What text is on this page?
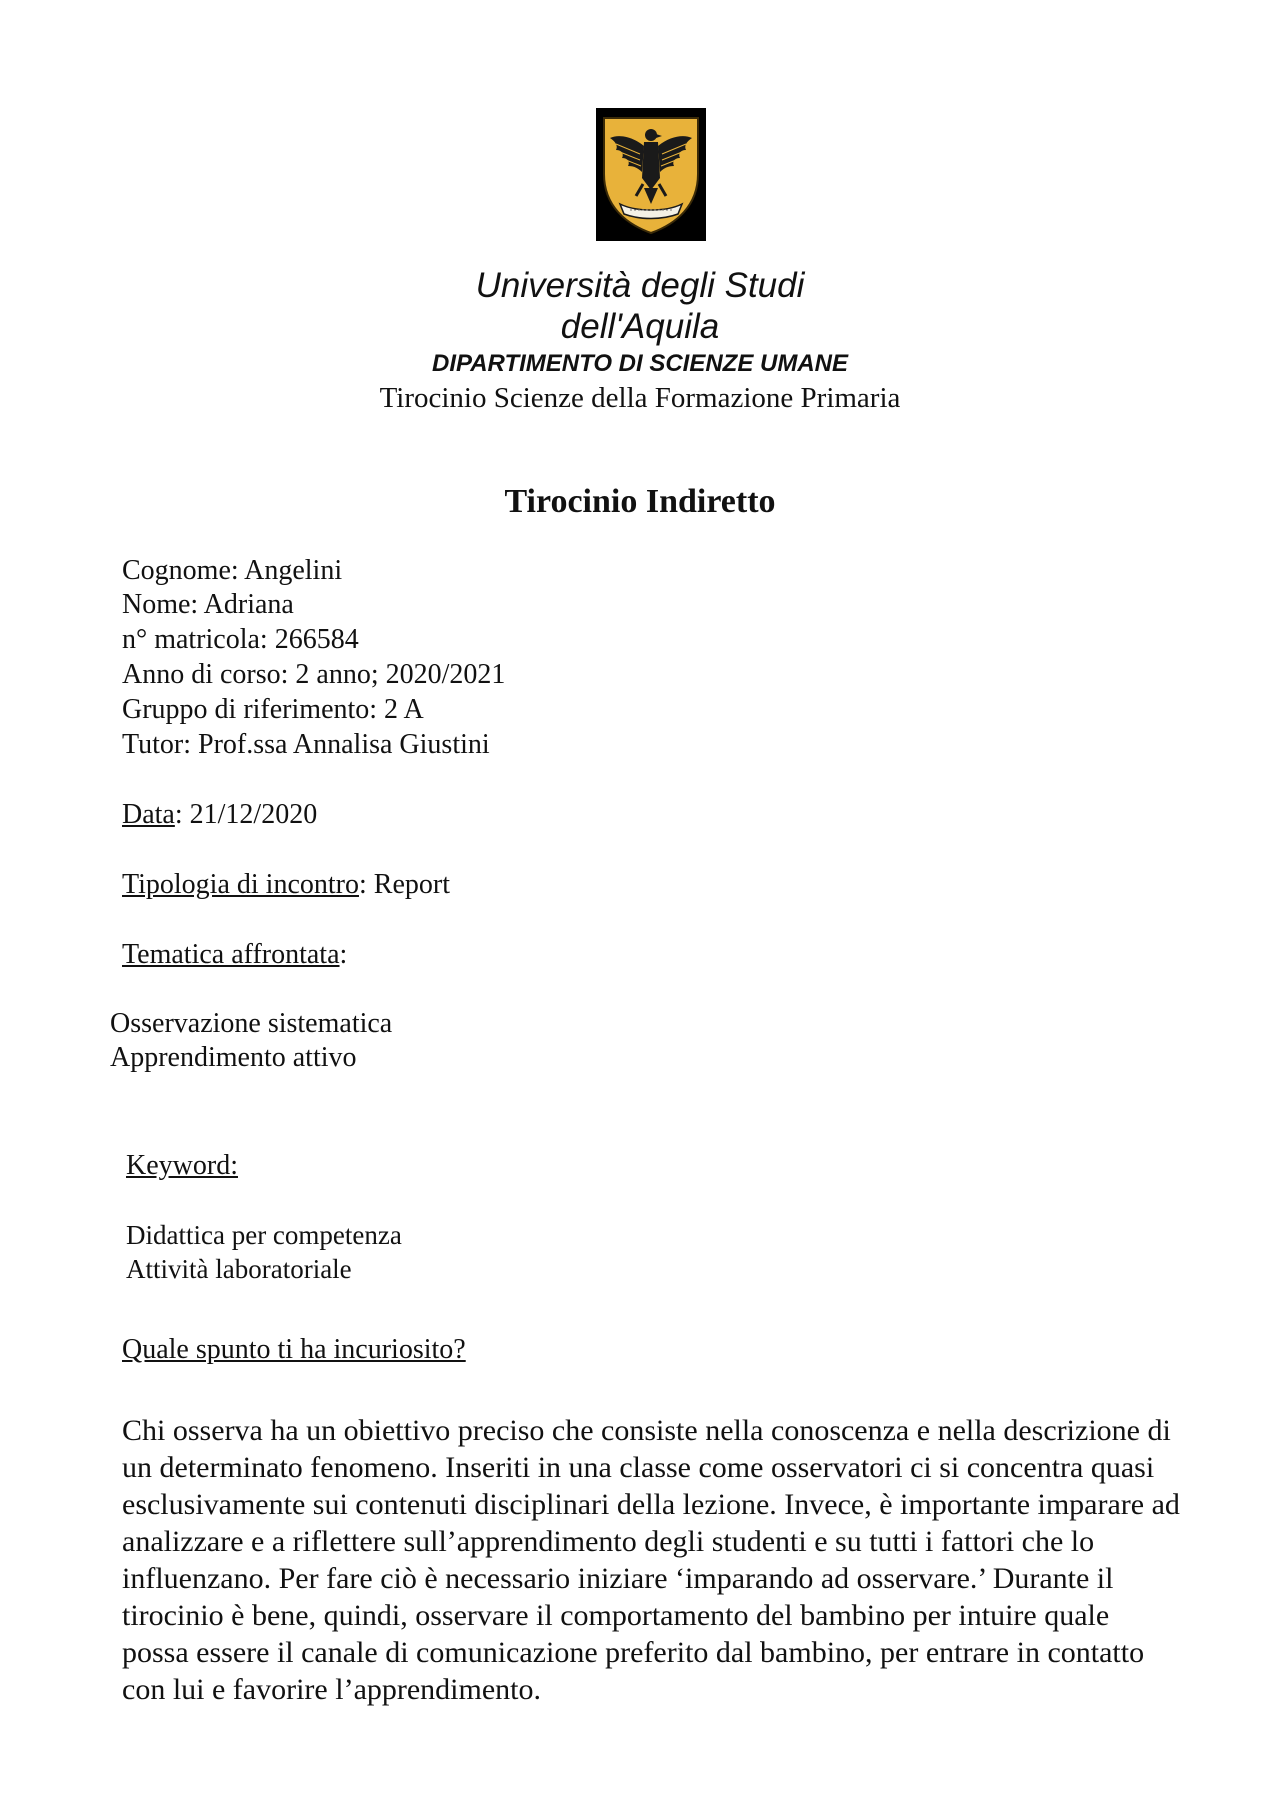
Università degli Studi
dell'Aquila
DIPARTIMENTO DI SCIENZE UMANE
Tirocinio Scienze della Formazione Primaria
Tirocinio Indiretto
Cognome: Angelini
Nome: Adriana
n° matricola: 266584
Anno di corso: 2 anno; 2020/2021
Gruppo di riferimento: 2 A
Tutor: Prof.ssa Annalisa Giustini
Data: 21/12/2020
Tipologia di incontro: Report
Tematica affrontata:
Osservazione sistematica
Apprendimento attivo
Keyword:
Didattica per competenza
Attività laboratoriale
Quale spunto ti ha incuriosito?

Chi osserva ha un obiettivo preciso che consiste nella conoscenza e nella descrizione di un determinato fenomeno. Inseriti in una classe come osservatori ci si concentra quasi esclusivamente sui contenuti disciplinari della lezione. Invece, è importante imparare ad analizzare e a riflettere sull’apprendimento degli studenti e su tutti i fattori che lo influenzano. Per fare ciò è necessario iniziare ‘imparando ad osservare.’ Durante il tirocinio è bene, quindi, osservare il comportamento del bambino per intuire quale possa essere il canale di comunicazione preferito dal bambino, per entrare in contatto con lui e favorire l’apprendimento.
